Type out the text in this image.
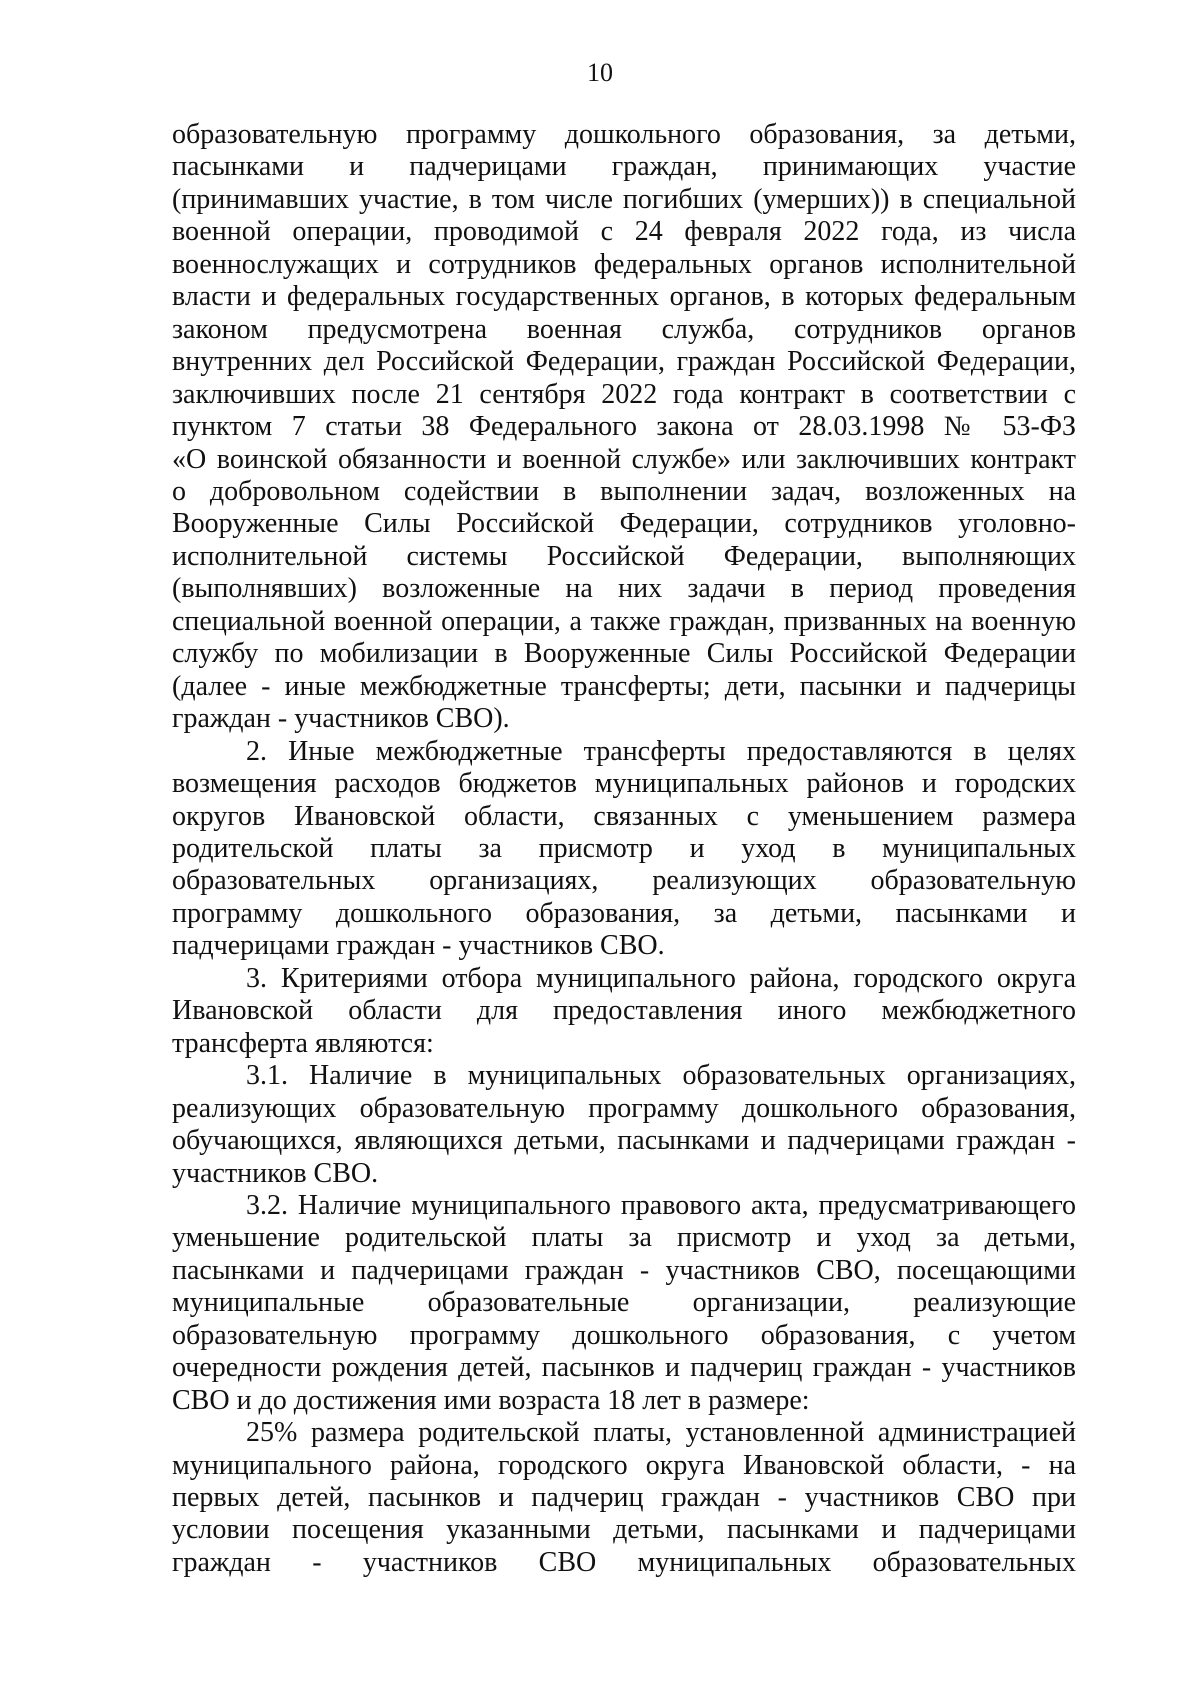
10

образовательную программу дошкольного образования, за детьми,

пасынками и падчерицами граждан, принимающих участие

(принимавших участие, в том числе погибших (умерших)) в специальной

военной операции, проводимой с 24 февраля 2022 года, из числа

военнослужащих и сотрудников федеральных органов исполнительной

власти и федеральных государственных органов, в которых федеральным

законом предусмотрена военная служба, сотрудников органов

внутренних дел Российской Федерации, граждан Российской Федерации,

заключивших после 21 сентября 2022 года контракт в соответствии с

пунктом 7 статьи 38 Федерального закона от 28.03.1998 № 53-ФЗ

«О воинской обязанности и военной службе» или заключивших контракт

о добровольном содействии в выполнении задач, возложенных на

Вооруженные Силы Российской Федерации, сотрудников уголовно-

исполнительной системы Российской Федерации, выполняющих

(выполнявших) возложенные на них задачи в период проведения

специальной военной операции, а также граждан, призванных на военную

службу по мобилизации в Вооруженные Силы Российской Федерации

(далее - иные межбюджетные трансферты; дети, пасынки и падчерицы

граждан - участников СВО).

2. Иные межбюджетные трансферты предоставляются в целях

возмещения расходов бюджетов муниципальных районов и городских

округов Ивановской области, связанных с уменьшением размера

родительской платы за присмотр и уход в муниципальных

образовательных организациях, реализующих образовательную

программу дошкольного образования, за детьми, пасынками и

падчерицами граждан - участников СВО.

3. Критериями отбора муниципального района, городского округа

Ивановской области для предоставления иного межбюджетного

трансферта являются:

3.1. Наличие в муниципальных образовательных организациях,

реализующих образовательную программу дошкольного образования,

обучающихся, являющихся детьми, пасынками и падчерицами граждан -

участников СВО.

3.2. Наличие муниципального правового акта, предусматривающего

уменьшение родительской платы за присмотр и уход за детьми,

пасынками и падчерицами граждан - участников СВО, посещающими

муниципальные образовательные организации, реализующие

образовательную программу дошкольного образования, с учетом

очередности рождения детей, пасынков и падчериц граждан - участников

СВО и до достижения ими возраста 18 лет в размере:

25% размера родительской платы, установленной администрацией

муниципального района, городского округа Ивановской области, - на

первых детей, пасынков и падчериц граждан - участников СВО при

условии посещения указанными детьми, пасынками и падчерицами

граждан - участников СВО муниципальных образовательных
